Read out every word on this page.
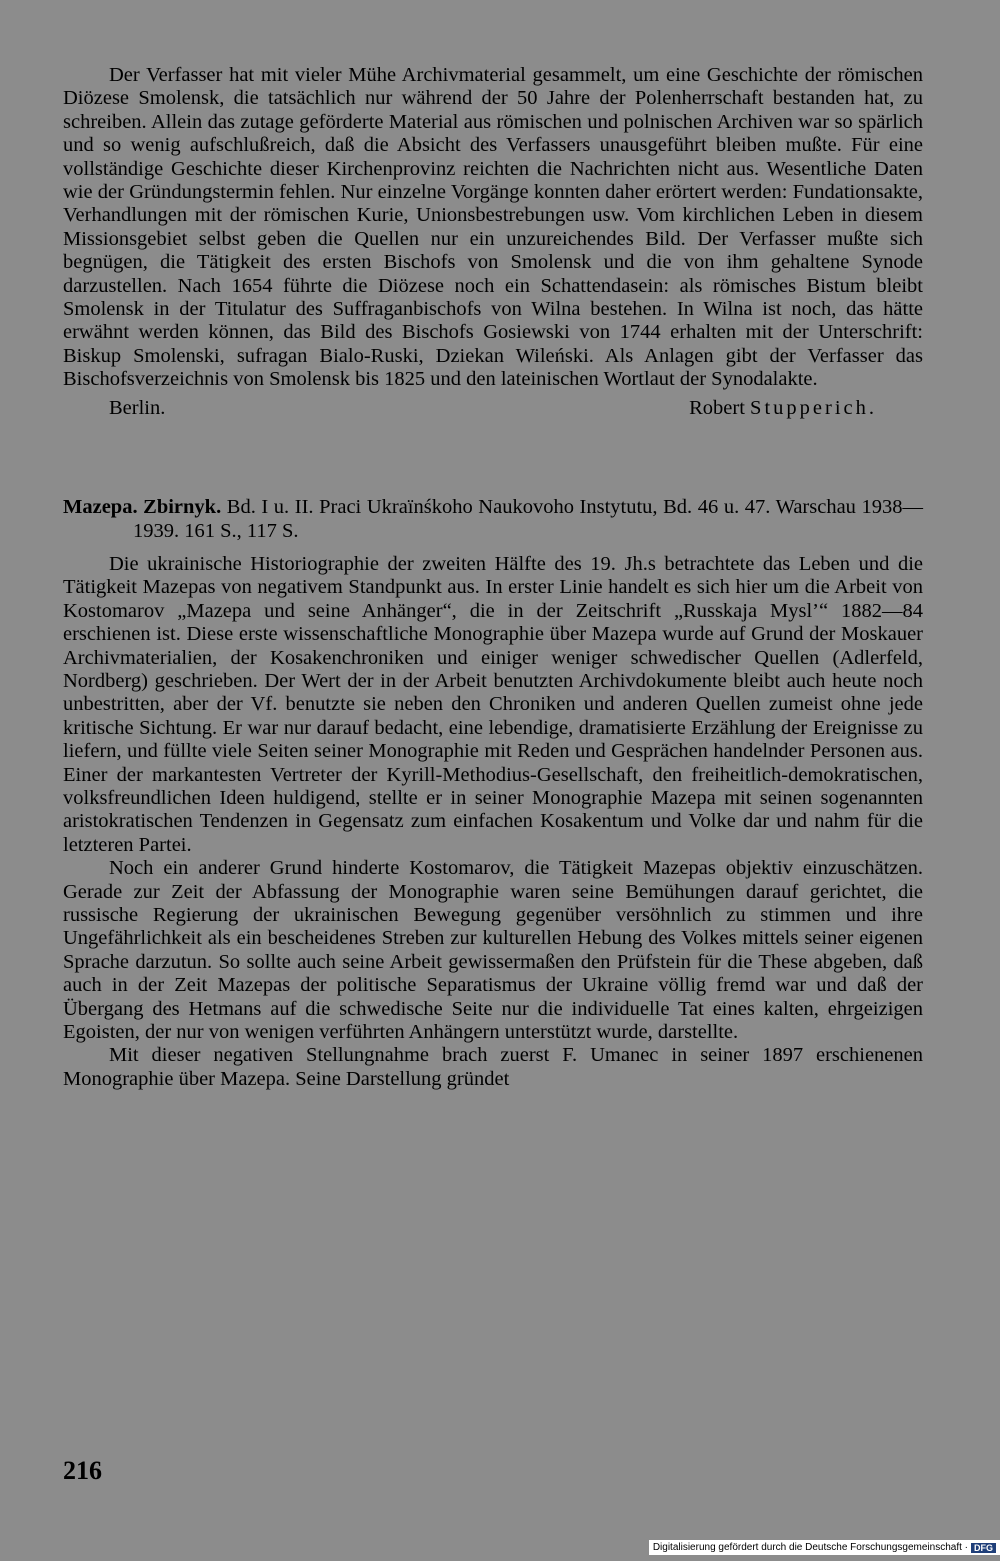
Der Verfasser hat mit vieler Mühe Archivmaterial gesammelt, um eine Geschichte der römischen Diözese Smolensk, die tatsächlich nur während der 50 Jahre der Polenherrschaft bestanden hat, zu schreiben. Allein das zutage geförderte Material aus römischen und polnischen Archiven war so spärlich und so wenig aufschlußreich, daß die Absicht des Verfassers unausgeführt bleiben mußte. Für eine vollständige Geschichte dieser Kirchenprovinz reichten die Nachrichten nicht aus. Wesentliche Daten wie der Gründungstermin fehlen. Nur einzelne Vorgänge konnten daher erörtert werden: Fundationsakte, Verhandlungen mit der römischen Kurie, Unionsbestrebungen usw. Vom kirchlichen Leben in diesem Missionsgebiet selbst geben die Quellen nur ein unzureichendes Bild. Der Verfasser mußte sich begnügen, die Tätigkeit des ersten Bischofs von Smolensk und die von ihm gehaltene Synode darzustellen. Nach 1654 führte die Diözese noch ein Schattendasein: als römisches Bistum bleibt Smolensk in der Titulatur des Suffraganbischofs von Wilna bestehen. In Wilna ist noch, das hätte erwähnt werden können, das Bild des Bischofs Gosiewski von 1744 erhalten mit der Unterschrift: Biskup Smolenski, sufragan Bialo-Ruski, Dziekan Wileński. Als Anlagen gibt der Verfasser das Bischofsverzeichnis von Smolensk bis 1825 und den lateinischen Wortlaut der Synodalakte.

Berlin.	Robert Stupperich.
Mazepa. Zbirnyk. Bd. I u. II. Praci Ukraïnśkoho Naukovoho Instytutu, Bd. 46 u. 47. Warschau 1938—1939. 161 S., 117 S.

Die ukrainische Historiographie der zweiten Hälfte des 19. Jh.s betrachtete das Leben und die Tätigkeit Mazepas von negativem Standpunkt aus. In erster Linie handelt es sich hier um die Arbeit von Kostomarov „Mazepa und seine Anhänger“, die in der Zeitschrift „Russkaja Mysl’“ 1882—84 erschienen ist. Diese erste wissenschaftliche Monographie über Mazepa wurde auf Grund der Moskauer Archivmaterialien, der Kosakenchroniken und einiger weniger schwedischer Quellen (Adlerfeld, Nordberg) geschrieben. Der Wert der in der Arbeit benutzten Archivdokumente bleibt auch heute noch unbestritten, aber der Vf. benutzte sie neben den Chroniken und anderen Quellen zumeist ohne jede kritische Sichtung. Er war nur darauf bedacht, eine lebendige, dramatisierte Erzählung der Ereignisse zu liefern, und füllte viele Seiten seiner Monographie mit Reden und Gesprächen handelnder Personen aus. Einer der markantesten Vertreter der Kyrill-Methodius-Gesellschaft, den freiheitlich-demokratischen, volksfreundlichen Ideen huldigend, stellte er in seiner Monographie Mazepa mit seinen sogenannten aristokratischen Tendenzen in Gegensatz zum einfachen Kosakentum und Volke dar und nahm für die letzteren Partei.

Noch ein anderer Grund hinderte Kostomarov, die Tätigkeit Mazepas objektiv einzuschätzen. Gerade zur Zeit der Abfassung der Monographie waren seine Bemühungen darauf gerichtet, die russische Regierung der ukrainischen Bewegung gegenüber versöhnlich zu stimmen und ihre Ungefährlichkeit als ein bescheidenes Streben zur kulturellen Hebung des Volkes mittels seiner eigenen Sprache darzutun. So sollte auch seine Arbeit gewissermaßen den Prüfstein für die These abgeben, daß auch in der Zeit Mazepas der politische Separatismus der Ukraine völlig fremd war und daß der Übergang des Hetmans auf die schwedische Seite nur die individuelle Tat eines kalten, ehrgeizigen Egoisten, der nur von wenigen verführten Anhängern unterstützt wurde, darstellte.

Mit dieser negativen Stellungnahme brach zuerst F. Umanec in seiner 1897 erschienenen Monographie über Mazepa. Seine Darstellung gründet

216
Digitalisierung gefördert durch die Deutsche Forschungsgemeinschaft · DFG
